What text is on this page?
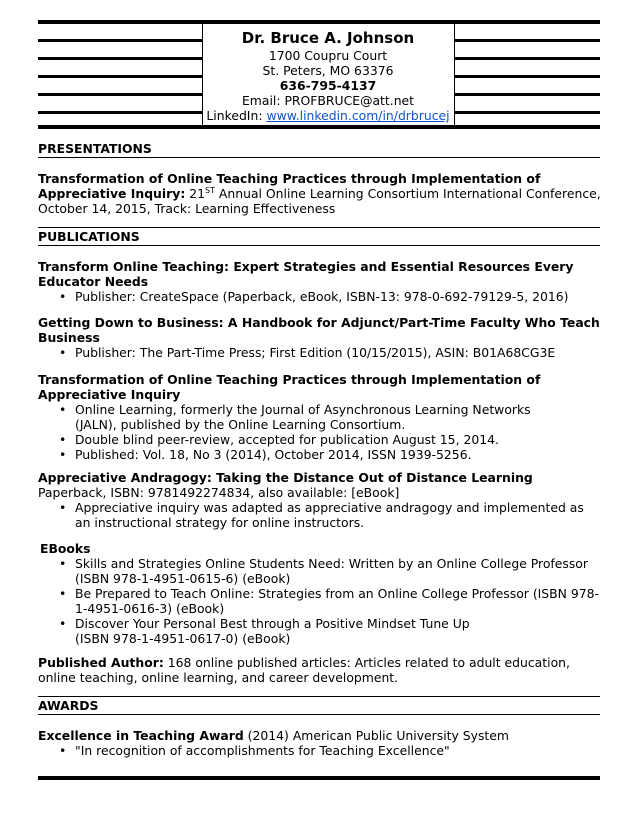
Dr. Bruce A. Johnson
1700 Coupru Court
St. Peters, MO 63376
636-795-4137
Email: PROFBRUCE@att.net
LinkedIn: www.linkedin.com/in/drbrucej
PRESENTATIONS
Transformation of Online Teaching Practices through Implementation of Appreciative Inquiry: 21ST Annual Online Learning Consortium International Conference, October 14, 2015, Track: Learning Effectiveness
PUBLICATIONS
Transform Online Teaching: Expert Strategies and Essential Resources Every Educator Needs
• Publisher: CreateSpace (Paperback, eBook, ISBN-13: 978-0-692-79129-5, 2016)
Getting Down to Business: A Handbook for Adjunct/Part-Time Faculty Who Teach Business
• Publisher: The Part-Time Press; First Edition (10/15/2015), ASIN: B01A68CG3E
Transformation of Online Teaching Practices through Implementation of Appreciative Inquiry
• Online Learning, formerly the Journal of Asynchronous Learning Networks (JALN), published by the Online Learning Consortium.
• Double blind peer-review, accepted for publication August 15, 2014.
• Published: Vol. 18, No 3 (2014), October 2014, ISSN 1939-5256.
Appreciative Andragogy: Taking the Distance Out of Distance Learning
Paperback, ISBN: 9781492274834, also available: [eBook]
• Appreciative inquiry was adapted as appreciative andragogy and implemented as an instructional strategy for online instructors.
EBooks
• Skills and Strategies Online Students Need: Written by an Online College Professor (ISBN 978-1-4951-0615-6) (eBook)
• Be Prepared to Teach Online: Strategies from an Online College Professor (ISBN 978-1-4951-0616-3) (eBook)
• Discover Your Personal Best through a Positive Mindset Tune Up
(ISBN 978-1-4951-0617-0) (eBook)
Published Author: 168 online published articles: Articles related to adult education, online teaching, online learning, and career development.
AWARDS
Excellence in Teaching Award (2014) American Public University System
• "In recognition of accomplishments for Teaching Excellence"
